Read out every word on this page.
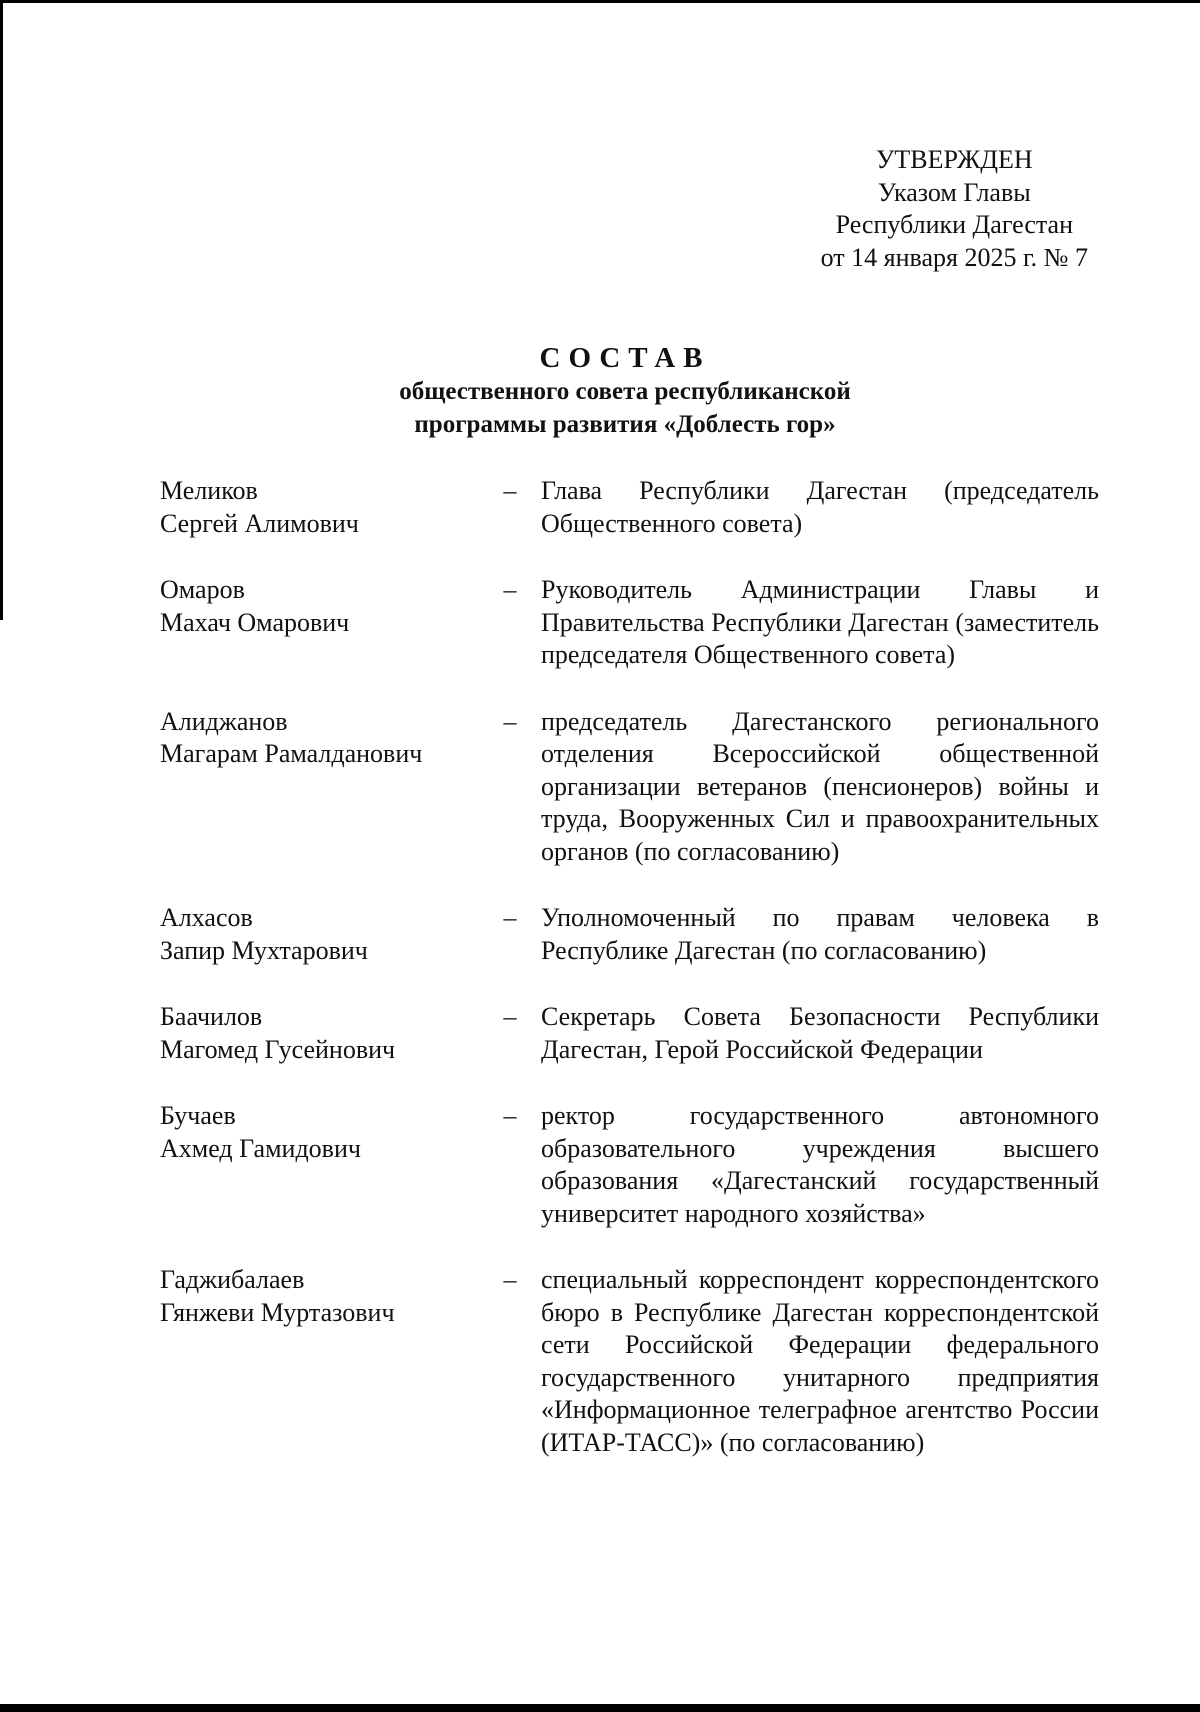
УТВЕРЖДЕН
Указом Главы
Республики Дагестан
от 14 января 2025 г. № 7
СОСТАВ
общественного совета республиканской
программы развития «Доблесть гор»
Меликов
Сергей Алимович
– Глава Республики Дагестан (председатель Общественного совета)
Омаров
Махач Омарович
– Руководитель Администрации Главы и Правительства Республики Дагестан (заместитель председателя Общественного совета)
Алиджанов
Магарам Рамалданович
– председатель Дагестанского регионального отделения Всероссийской общественной организации ветеранов (пенсионеров) войны и труда, Вооруженных Сил и правоохранительных органов (по согласованию)
Алхасов
Запир Мухтарович
– Уполномоченный по правам человека в Республике Дагестан (по согласованию)
Баачилов
Магомед Гусейнович
– Секретарь Совета Безопасности Республики Дагестан, Герой Российской Федерации
Бучаев
Ахмед Гамидович
– ректор государственного автономного образовательного учреждения высшего образования «Дагестанский государственный университет народного хозяйства»
Гаджибалаев
Гянжеви Муртазович
– специальный корреспондент корреспондентского бюро в Республике Дагестан корреспондентской сети Российской Федерации федерального государственного унитарного предприятия «Информационное телеграфное агентство России (ИТАР-ТАСС)» (по согласованию)
